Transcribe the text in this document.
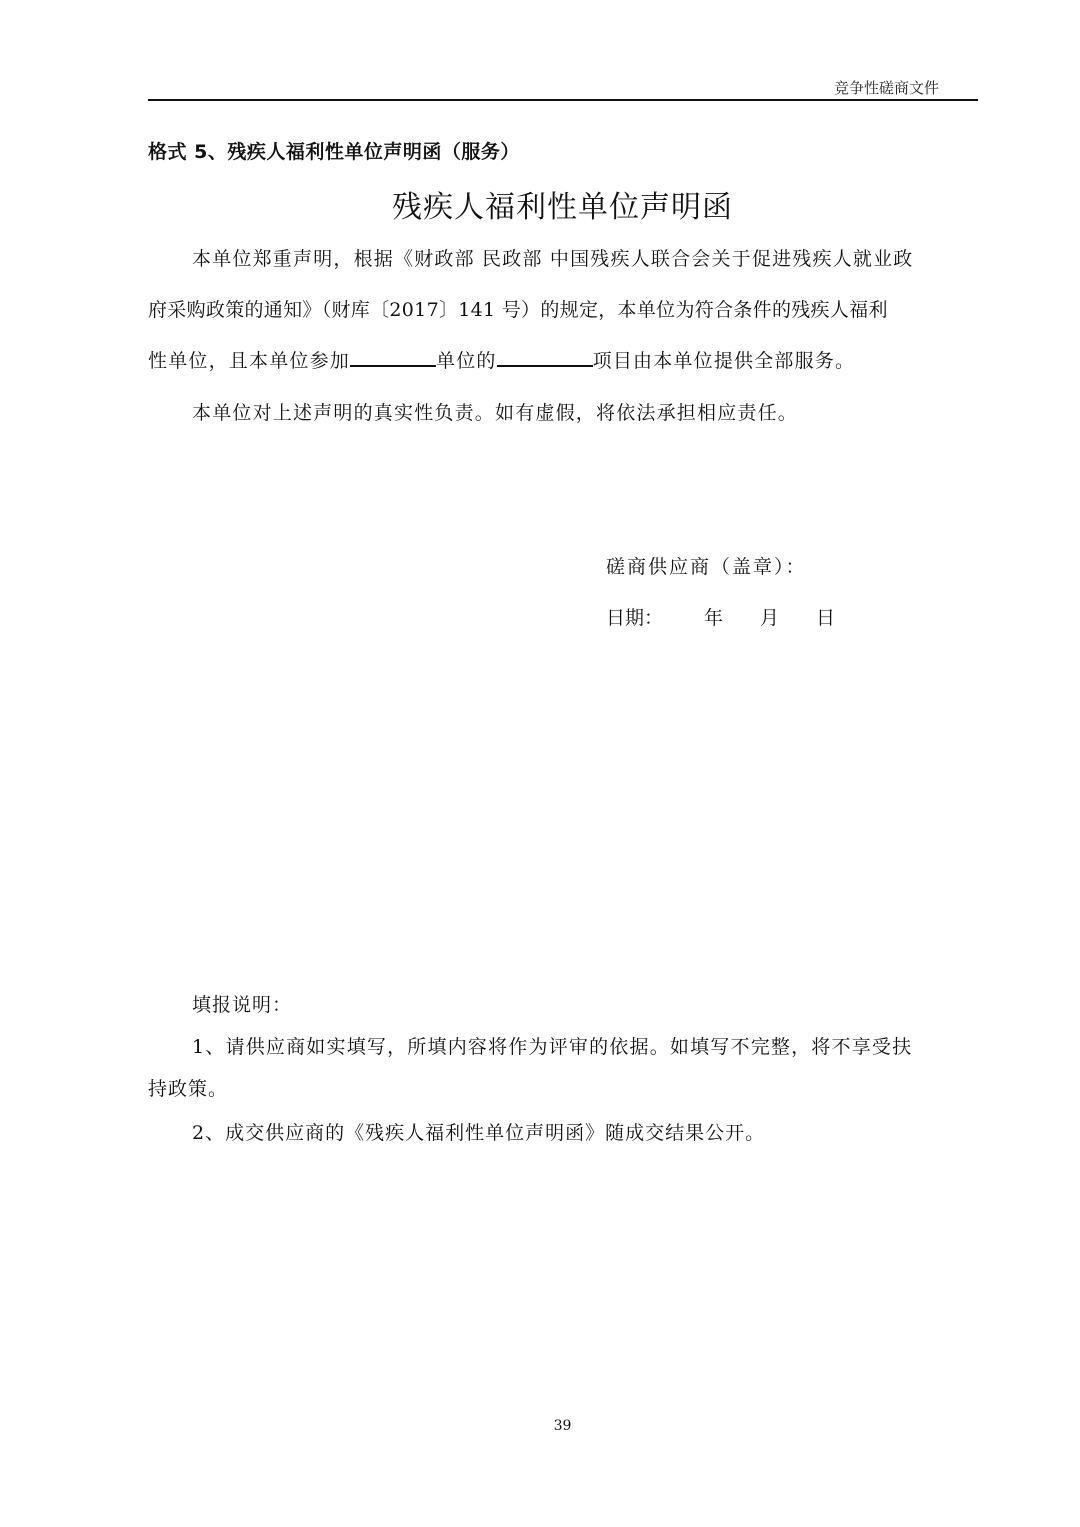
竞争性磋商文件
格式 5、残疾人福利性单位声明函（服务）
残疾人福利性单位声明函
本单位郑重声明，根据《财政部 民政部 中国残疾人联合会关于促进残疾人就业政
府采购政策的通知》（财库〔2017〕141 号）的规定，本单位为符合条件的残疾人福利
性单位，且本单位参加	单位的	项目由本单位提供全部服务。
本单位对上述声明的真实性负责。如有虚假，将依法承担相应责任。
磋商供应商（盖章）：
日期： 年 月 日
填报说明：
1、请供应商如实填写，所填内容将作为评审的依据。如填写不完整，将不享受扶
持政策。
2、成交供应商的《残疾人福利性单位声明函》随成交结果公开。
39
